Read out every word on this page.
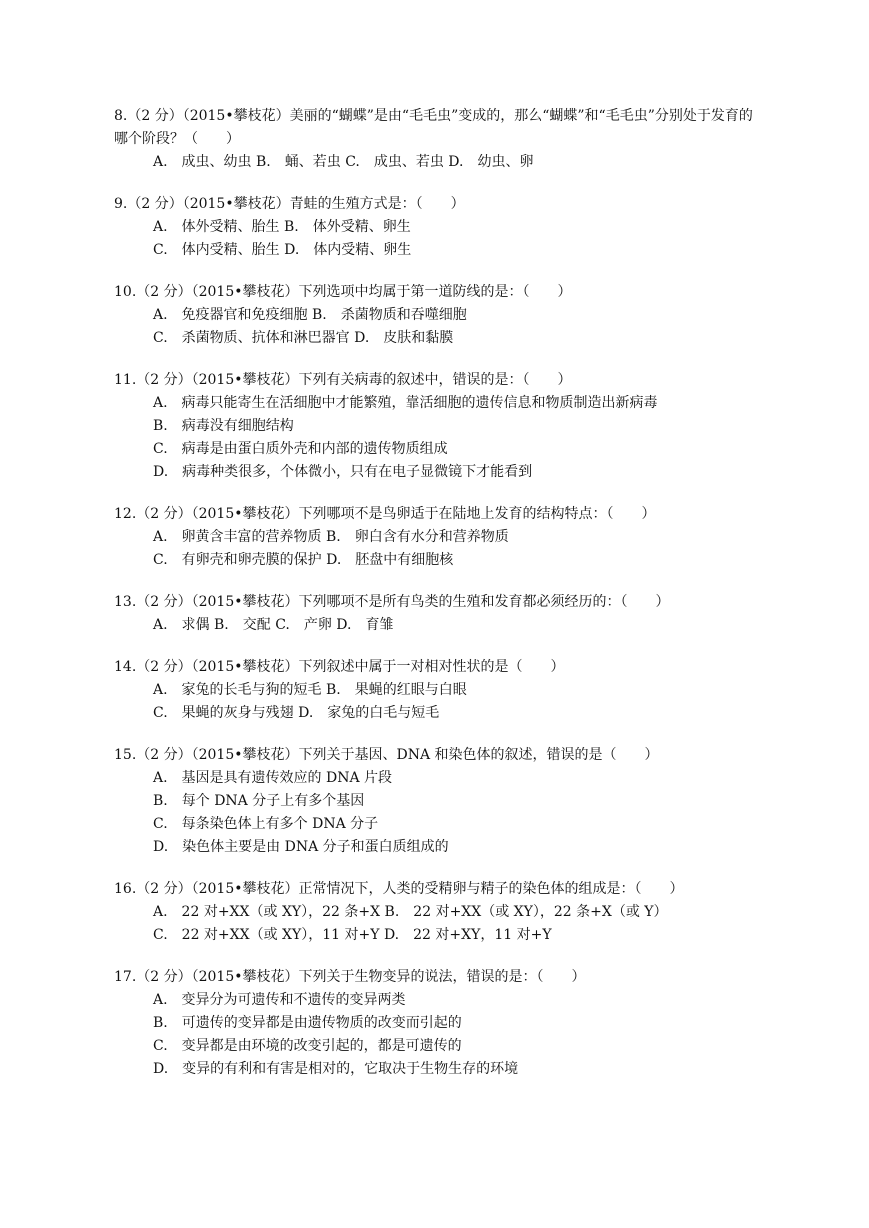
8.（2 分）（2015•攀枝花）美丽的“蝴蝶”是由“毛毛虫”变成的，那么“蝴蝶”和“毛毛虫”分别处于发育的哪个阶段？（　　）
A.　成虫、幼虫 B.　蛹、若虫 C.　成虫、若虫 D.　幼虫、卵
9.（2 分）（2015•攀枝花）青蛙的生殖方式是：（　　）
A.　体外受精、胎生 B.　体外受精、卵生
C.　体内受精、胎生 D.　体内受精、卵生
10.（2 分）（2015•攀枝花）下列选项中均属于第一道防线的是：（　　）
A.　免疫器官和免疫细胞 B.　杀菌物质和吞噬细胞
C.　杀菌物质、抗体和淋巴器官 D.　皮肤和黏膜
11.（2 分）（2015•攀枝花）下列有关病毒的叙述中，错误的是：（　　）
A.　病毒只能寄生在活细胞中才能繁殖，靠活细胞的遗传信息和物质制造出新病毒
B.　病毒没有细胞结构
C.　病毒是由蛋白质外壳和内部的遗传物质组成
D.　病毒种类很多，个体微小，只有在电子显微镜下才能看到
12.（2 分）（2015•攀枝花）下列哪项不是鸟卵适于在陆地上发育的结构特点：（　　）
A.　卵黄含丰富的营养物质 B.　卵白含有水分和营养物质
C.　有卵壳和卵壳膜的保护 D.　胚盘中有细胞核
13.（2 分）（2015•攀枝花）下列哪项不是所有鸟类的生殖和发育都必须经历的：（　　）
A.　求偶 B.　交配 C.　产卵 D.　育雏
14.（2 分）（2015•攀枝花）下列叙述中属于一对相对性状的是（　　）
A.　家兔的长毛与狗的短毛 B.　果蝇的红眼与白眼
C.　果蝇的灰身与残翅 D.　家兔的白毛与短毛
15.（2 分）（2015•攀枝花）下列关于基因、DNA 和染色体的叙述，错误的是（　　）
A.　基因是具有遗传效应的 DNA 片段
B.　每个 DNA 分子上有多个基因
C.　每条染色体上有多个 DNA 分子
D.　染色体主要是由 DNA 分子和蛋白质组成的
16.（2 分）（2015•攀枝花）正常情况下，人类的受精卵与精子的染色体的组成是：（　　）
A.　22 对+XX（或 XY），22 条+X B.　22 对+XX（或 XY），22 条+X（或 Y）
C.　22 对+XX（或 XY），11 对+Y D.　22 对+XY，11 对+Y
17.（2 分）（2015•攀枝花）下列关于生物变异的说法，错误的是：（　　）
A.　变异分为可遗传和不遗传的变异两类
B.　可遗传的变异都是由遗传物质的改变而引起的
C.　变异都是由环境的改变引起的，都是可遗传的
D.　变异的有利和有害是相对的，它取决于生物生存的环境
